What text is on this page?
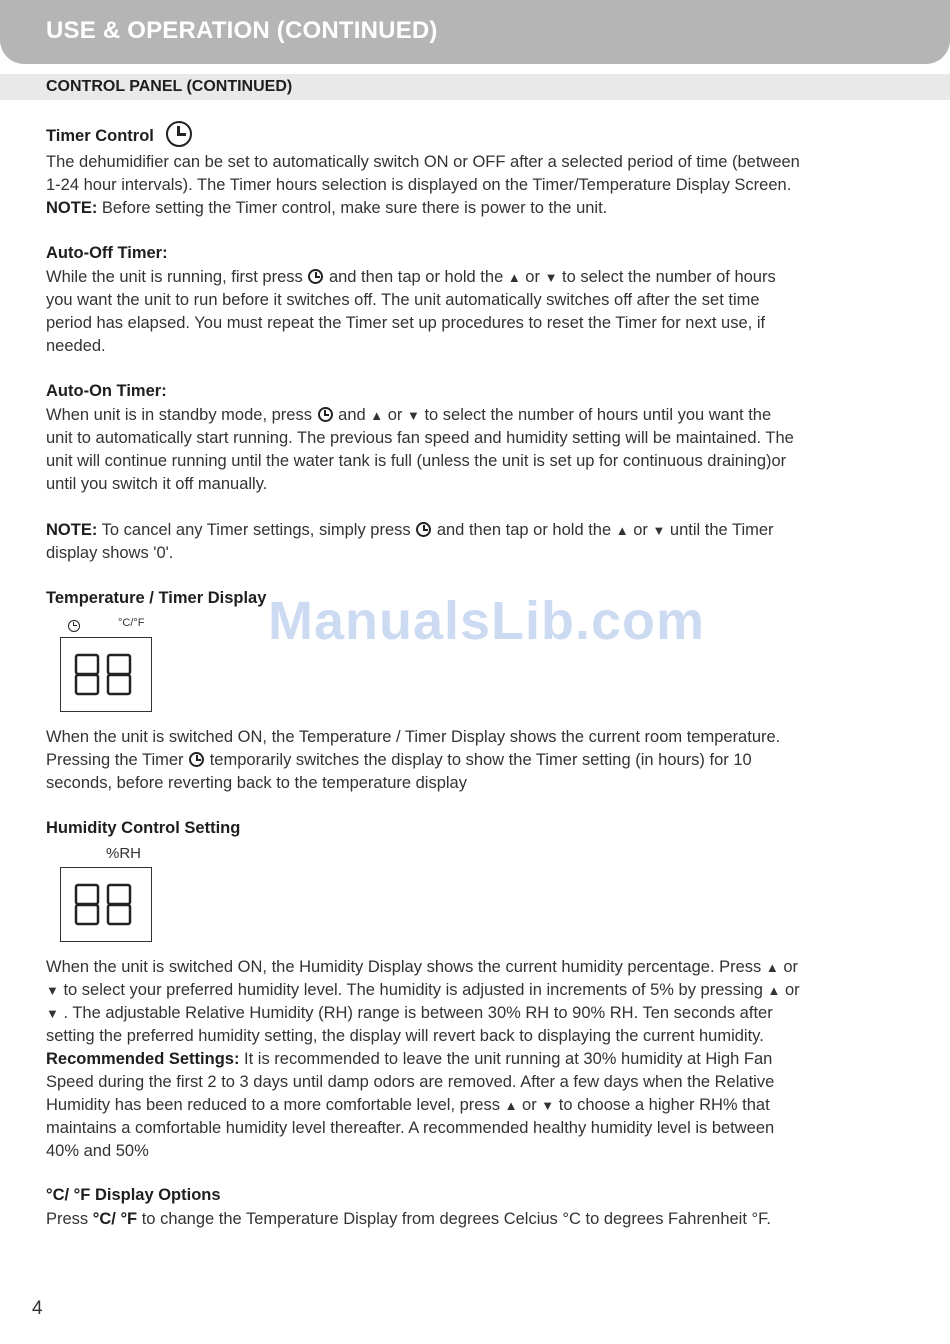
USE & OPERATION (CONTINUED)
CONTROL PANEL (CONTINUED)
Timer Control
The dehumidifier can be set to automatically switch ON or OFF after a selected period of time (between
1-24 hour intervals). The Timer hours selection is displayed on the Timer/Temperature Display Screen.
NOTE: Before setting the Timer control, make sure there is power to the unit.
Auto-Off Timer:
While the unit is running, first press  and then tap or hold the ▲ or ▼ to select the number of hours
you want the unit to run before it switches off. The unit automatically switches off after the set time
period has elapsed. You must repeat the Timer set up procedures to reset the Timer for next use, if
needed.
Auto-On Timer:
When unit is in standby mode, press  and ▲ or ▼ to select the number of hours until you want the
unit to automatically start running. The previous fan speed and humidity setting will be maintained. The
unit will continue running until the water tank is full (unless the unit is set up for continuous draining)or
until you switch it off manually.
NOTE: To cancel any Timer settings, simply press  and then tap or hold the ▲ or ▼ until the Timer
display shows '0'.
Temperature / Timer Display
°C/°F
When the unit is switched ON, the Temperature / Timer Display shows the current room temperature.
Pressing the Timer  temporarily switches the display to show the Timer setting (in hours) for 10
seconds, before reverting back to the temperature display
Humidity Control Setting
%RH
When the unit is switched ON, the Humidity Display shows the current humidity percentage. Press ▲ or
▼ to select your preferred humidity level. The humidity is adjusted in increments of 5% by pressing ▲ or
▼ . The adjustable Relative Humidity (RH) range is between 30% RH to 90% RH. Ten seconds after
setting the preferred humidity setting, the display will revert back to displaying the current humidity.
Recommended Settings: It is recommended to leave the unit running at 30% humidity at High Fan
Speed during the first 2 to 3 days until damp odors are removed. After a few days when the Relative
Humidity has been reduced to a more comfortable level, press ▲ or ▼ to choose a higher RH% that
maintains a comfortable humidity level thereafter. A recommended healthy humidity level is between
40% and 50%
°C/ °F Display Options
Press °C/ °F to change the Temperature Display from degrees Celcius °C to degrees Fahrenheit °F.
ManualsLib.com
4
